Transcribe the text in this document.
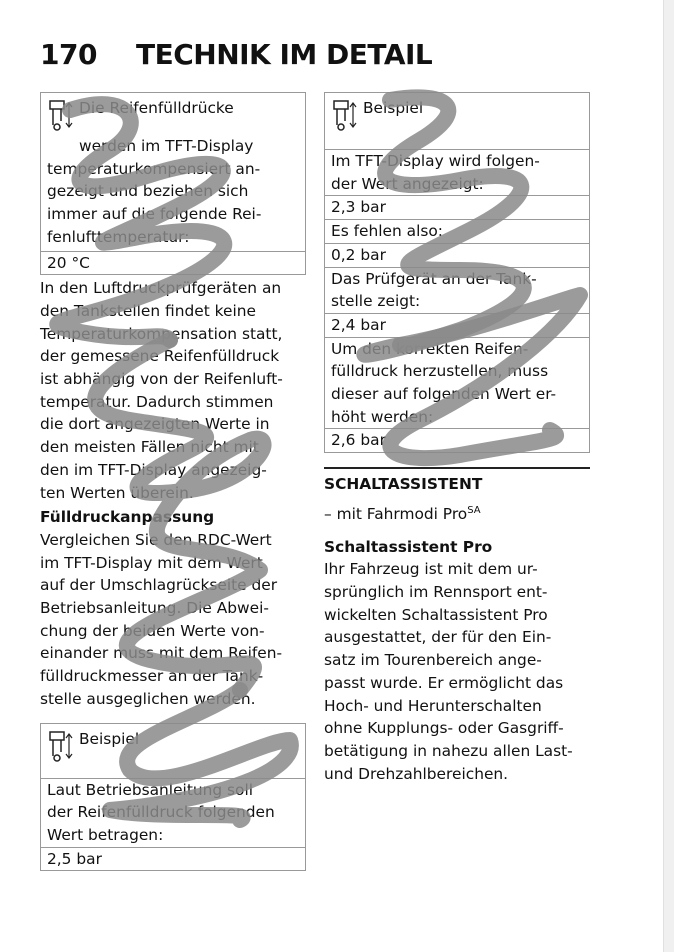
170 TECHNIK IM DETAIL

Die Reifenfülldrücke

werden im TFT-Display

temperaturkompensiert an-

gezeigt und beziehen sich

immer auf die folgende Rei-

fenlufttemperatur:

20 °C

In den Luftdruckprüfgeräten an

den Tankstellen findet keine

Temperaturkompensation statt,

der gemessene Reifenfülldruck

ist abhängig von der Reifenluft-

temperatur. Dadurch stimmen

die dort angezeigten Werte in

den meisten Fällen nicht mit

den im TFT-Display angezeig-

ten Werten überein.

Fülldruckanpassung

Vergleichen Sie den RDC-Wert

im TFT-Display mit dem Wert

auf der Umschlagrückseite der

Betriebsanleitung. Die Abwei-

chung der beiden Werte von-

einander muss mit dem Reifen-

fülldruckmesser an der Tank-

stelle ausgeglichen werden.

Beispiel

Laut Betriebsanleitung soll

der Reifenfülldruck folgenden

Wert betragen:

2,5 bar

Beispiel

Im TFT-Display wird folgen-

der Wert angezeigt:

2,3 bar
Es fehlen also:
0,2 bar

Das Prüfgerät an der Tank-

stelle zeigt:

2,4 bar

Um den korrekten Reifen-

fülldruck herzustellen, muss

dieser auf folgenden Wert er-

höht werden:

2,6 bar

SCHALTASSISTENT

– mit Fahrmodi Pro$^{SA}$

Schaltassistent Pro

Ihr Fahrzeug ist mit dem ur-

sprünglich im Rennsport ent-

wickelten Schaltassistent Pro

ausgestattet, der für den Ein-

satz im Tourenbereich ange-

passt wurde. Er ermöglicht das

Hoch- und Herunterschalten

ohne Kupplungs- oder Gasgriff-

betätigung in nahezu allen Last-

und Drehzahlbereichen.
